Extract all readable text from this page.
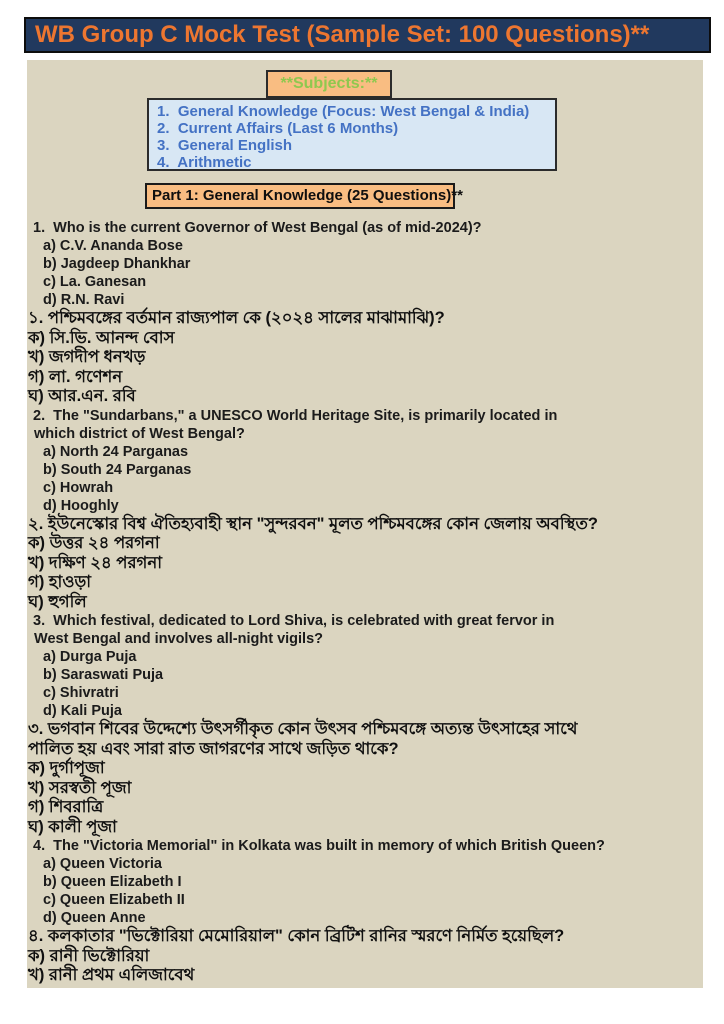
WB Group C Mock Test (Sample Set: 100 Questions)**
**Subjects:**
1.  General Knowledge (Focus: West Bengal & India)
2.  Current Affairs (Last 6 Months)
3.  General English
4.  Arithmetic
Part 1: General Knowledge (25 Questions)**
1.  Who is the current Governor of West Bengal (as of mid-2024)?
a) C.V. Ananda Bose
b) Jagdeep Dhankhar
c) La. Ganesan
d) R.N. Ravi
১. পশ্চিমবঙ্গের বর্তমান রাজ্যপাল কে (২০২৪ সালের মাঝামাঝি)?
ক) সি.ভি. আনন্দ বোস
খ) জগদীপ ধনখড়
গ) লা. গণেশন
ঘ) আর.এন. রবি
2.  The "Sundarbans," a UNESCO World Heritage Site, is primarily located in
which district of West Bengal?
a) North 24 Parganas
b) South 24 Parganas
c) Howrah
d) Hooghly
২. ইউনেস্কোর বিশ্ব ঐতিহ্যবাহী স্থান "সুন্দরবন" মূলত পশ্চিমবঙ্গের কোন জেলায় অবস্থিত?
ক) উত্তর ২৪ পরগনা
খ) দক্ষিণ ২৪ পরগনা
গ) হাওড়া
ঘ) হুগলি
3.  Which festival, dedicated to Lord Shiva, is celebrated with great fervor in
West Bengal and involves all-night vigils?
a) Durga Puja
b) Saraswati Puja
c) Shivratri
d) Kali Puja
৩. ভগবান শিবের উদ্দেশ্যে উৎসর্গীকৃত কোন উৎসব পশ্চিমবঙ্গে অত্যন্ত উৎসাহের সাথে
পালিত হয় এবং সারা রাত জাগরণের সাথে জড়িত থাকে?
ক) দুর্গাপূজা
খ) সরস্বতী পূজা
গ) শিবরাত্রি
ঘ) কালী পূজা
4.  The "Victoria Memorial" in Kolkata was built in memory of which British Queen?
a) Queen Victoria
b) Queen Elizabeth I
c) Queen Elizabeth II
d) Queen Anne
৪. কলকাতার "ভিক্টোরিয়া মেমোরিয়াল" কোন ব্রিটিশ রানির স্মরণে নির্মিত হয়েছিল?
ক) রানী ভিক্টোরিয়া
খ) রানী প্রথম এলিজাবেথ
